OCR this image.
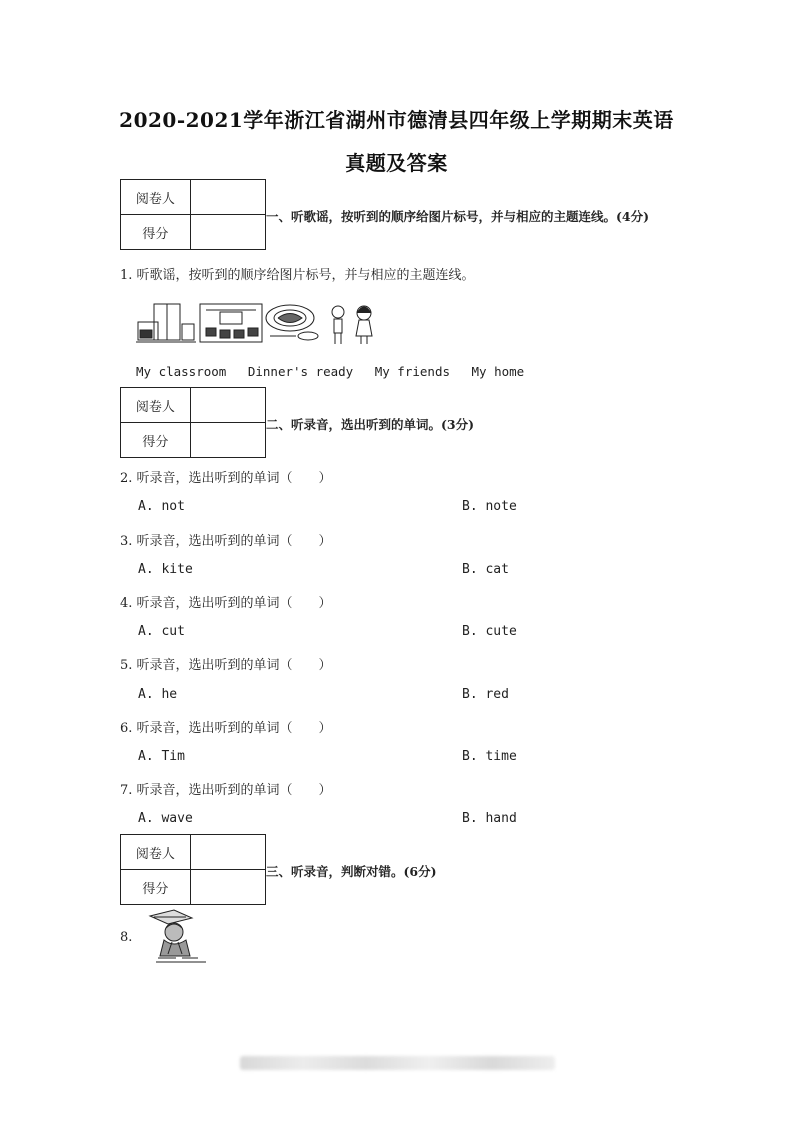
2020-2021学年浙江省湖州市德清县四年级上学期期末英语
真题及答案
阅卷人	
得分	
一、听歌谣，按听到的顺序给图片标号，并与相应的主题连线。(4分)
1. 听歌谣，按听到的顺序给图片标号，并与相应的主题连线。
My classroom Dinner's ready My friends My home
阅卷人	
得分	
二、听录音，选出听到的单词。(3分)
2. 听录音，选出听到的单词（　　）
A. not	B. note
3. 听录音，选出听到的单词（　　）
A. kite	B. cat
4. 听录音，选出听到的单词（　　）
A. cut	B. cute
5. 听录音，选出听到的单词（　　）
A. he	B. red
6. 听录音，选出听到的单词（　　）
A. Tim	B. time
7. 听录音，选出听到的单词（　　）
A. wave	B. hand
阅卷人	
得分	
三、听录音，判断对错。(6分)
8.
